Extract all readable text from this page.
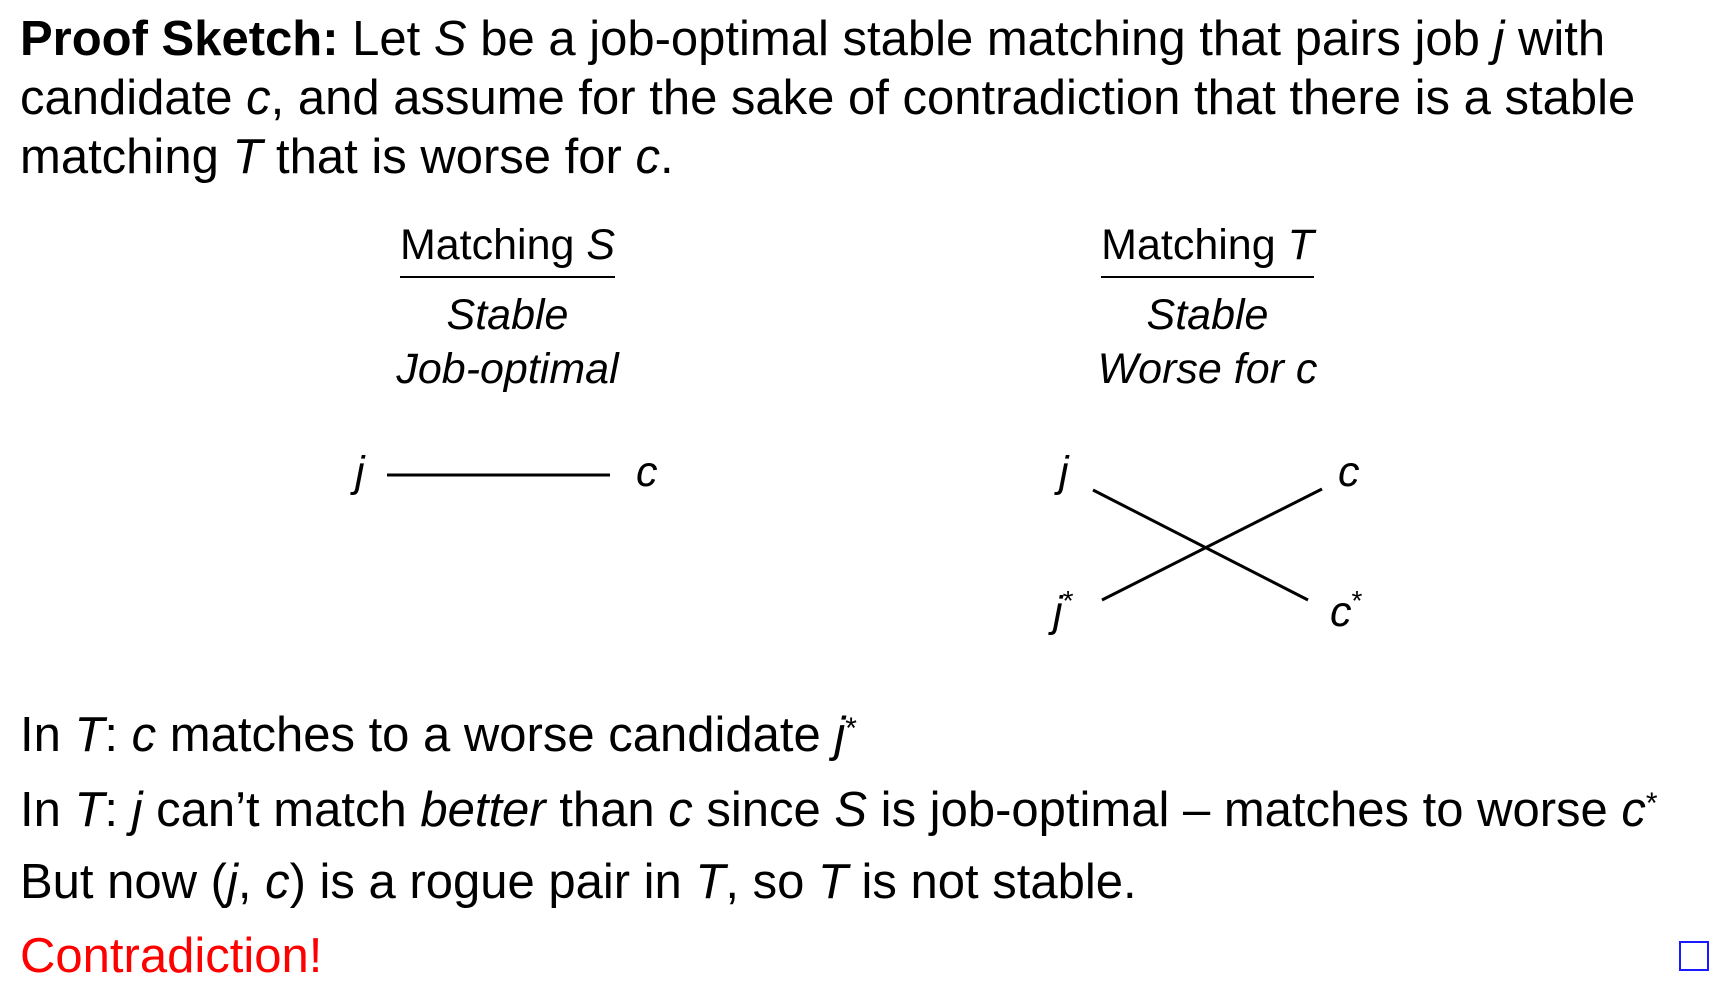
Proof Sketch: Let S be a job-optimal stable matching that pairs job j with candidate c, and assume for the sake of contradiction that there is a stable matching T that is worse for c.

Matching S
Stable
Job-optimal
Matching T
Stable
Worse for c
j	c	j	c
j*	c*
In T: c matches to a worse candidate j*
In T: j can’t match better than c since S is job-optimal – matches to worse c*
But now (j, c) is a rogue pair in T, so T is not stable.
Contradiction!
